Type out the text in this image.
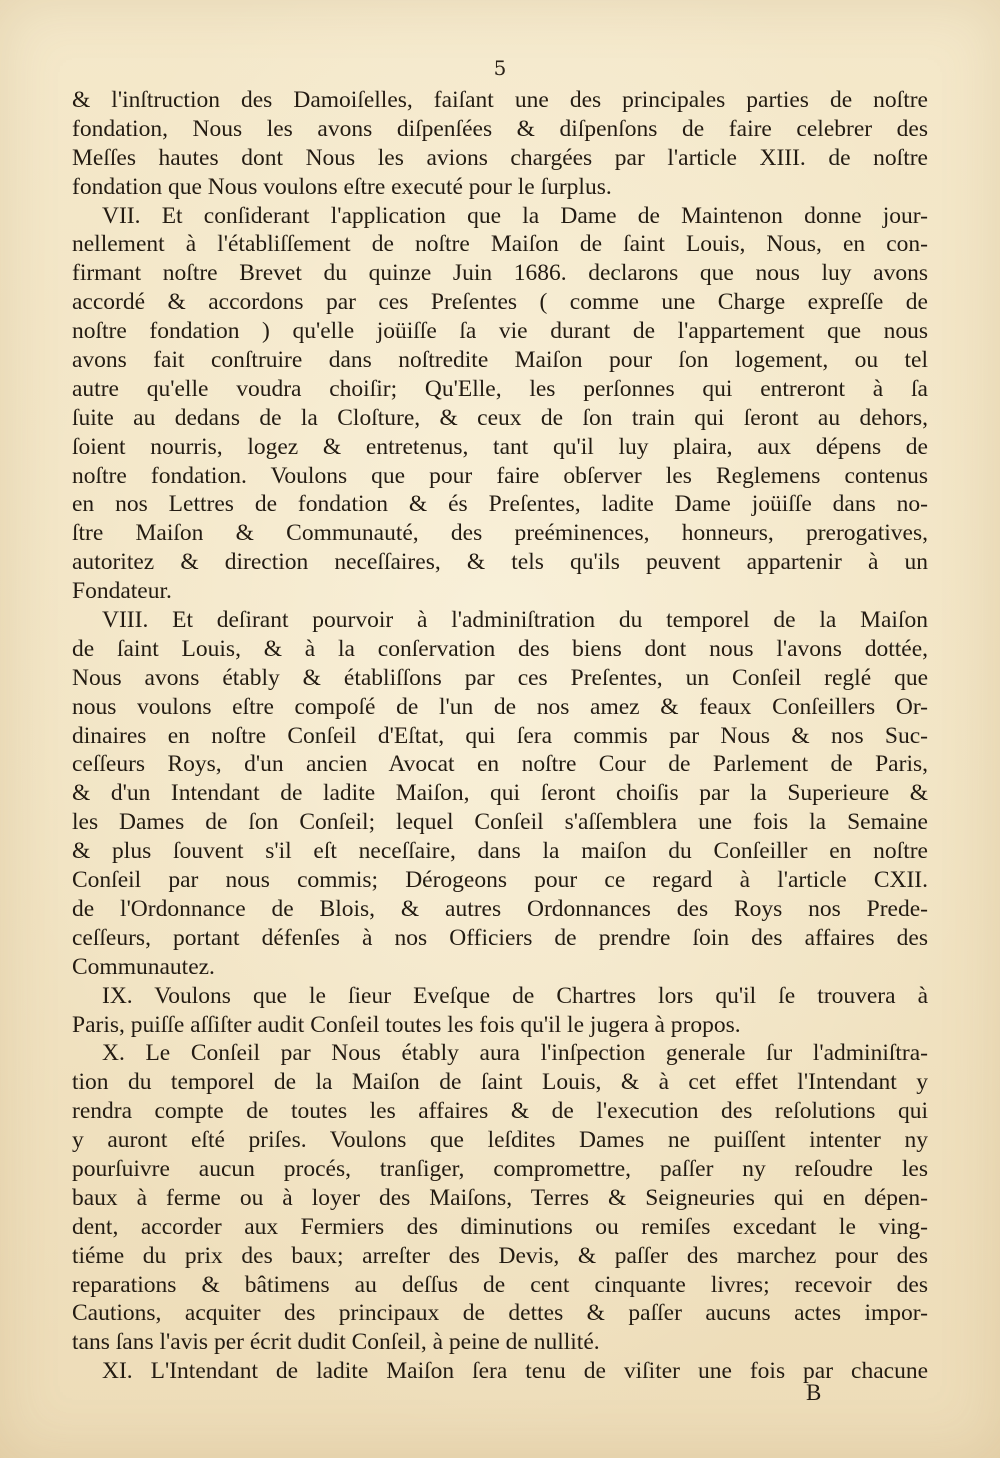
5
& l'inſtruction des Damoiſelles, faiſant une des principales parties de noſtre
fondation, Nous les avons diſpenſées & diſpenſons de faire celebrer des
Meſſes hautes dont Nous les avions chargées par l'article XIII. de noſtre
fondation que Nous voulons eſtre executé pour le ſurplus.
VII. Et conſiderant l'application que la Dame de Maintenon donne jour-
nellement à l'établiſſement de noſtre Maiſon de ſaint Louis, Nous, en con-
firmant noſtre Brevet du quinze Juin 1686. declarons que nous luy avons
accordé & accordons par ces Preſentes ( comme une Charge expreſſe de
noſtre fondation ) qu'elle joüiſſe ſa vie durant de l'appartement que nous
avons fait conſtruire dans noſtredite Maiſon pour ſon logement, ou tel
autre qu'elle voudra choiſir; Qu'Elle, les perſonnes qui entreront à ſa
ſuite au dedans de la Cloſture, & ceux de ſon train qui ſeront au dehors,
ſoient nourris, logez & entretenus, tant qu'il luy plaira, aux dépens de
noſtre fondation. Voulons que pour faire obſerver les Reglemens contenus
en nos Lettres de fondation & és Preſentes, ladite Dame joüiſſe dans no-
ſtre Maiſon & Communauté, des preéminences, honneurs, prerogatives,
autoritez & direction neceſſaires, & tels qu'ils peuvent appartenir à un
Fondateur.
VIII. Et deſirant pourvoir à l'adminiſtration du temporel de la Maiſon
de ſaint Louis, & à la conſervation des biens dont nous l'avons dottée,
Nous avons étably & établiſſons par ces Preſentes, un Conſeil reglé que
nous voulons eſtre compoſé de l'un de nos amez & feaux Conſeillers Or-
dinaires en noſtre Conſeil d'Eſtat, qui ſera commis par Nous & nos Suc-
ceſſeurs Roys, d'un ancien Avocat en noſtre Cour de Parlement de Paris,
& d'un Intendant de ladite Maiſon, qui ſeront choiſis par la Superieure &
les Dames de ſon Conſeil; lequel Conſeil s'aſſemblera une fois la Semaine
& plus ſouvent s'il eſt neceſſaire, dans la maiſon du Conſeiller en noſtre
Conſeil par nous commis; Dérogeons pour ce regard à l'article CXII.
de l'Ordonnance de Blois, & autres Ordonnances des Roys nos Prede-
ceſſeurs, portant défenſes à nos Officiers de prendre ſoin des affaires des
Communautez.
IX. Voulons que le ſieur Eveſque de Chartres lors qu'il ſe trouvera à
Paris, puiſſe aſſiſter audit Conſeil toutes les fois qu'il le jugera à propos.
X. Le Conſeil par Nous étably aura l'inſpection generale ſur l'adminiſtra-
tion du temporel de la Maiſon de ſaint Louis, & à cet effet l'Intendant y
rendra compte de toutes les affaires & de l'execution des reſolutions qui
y auront eſté priſes. Voulons que leſdites Dames ne puiſſent intenter ny
pourſuivre aucun procés, tranſiger, compromettre, paſſer ny reſoudre les
baux à ferme ou à loyer des Maiſons, Terres & Seigneuries qui en dépen-
dent, accorder aux Fermiers des diminutions ou remiſes excedant le ving-
tiéme du prix des baux; arreſter des Devis, & paſſer des marchez pour des
reparations & bâtimens au deſſus de cent cinquante livres; recevoir des
Cautions, acquiter des principaux de dettes & paſſer aucuns actes impor-
tans ſans l'avis per écrit dudit Conſeil, à peine de nullité.
XI. L'Intendant de ladite Maiſon ſera tenu de viſiter une fois par chacune
B
